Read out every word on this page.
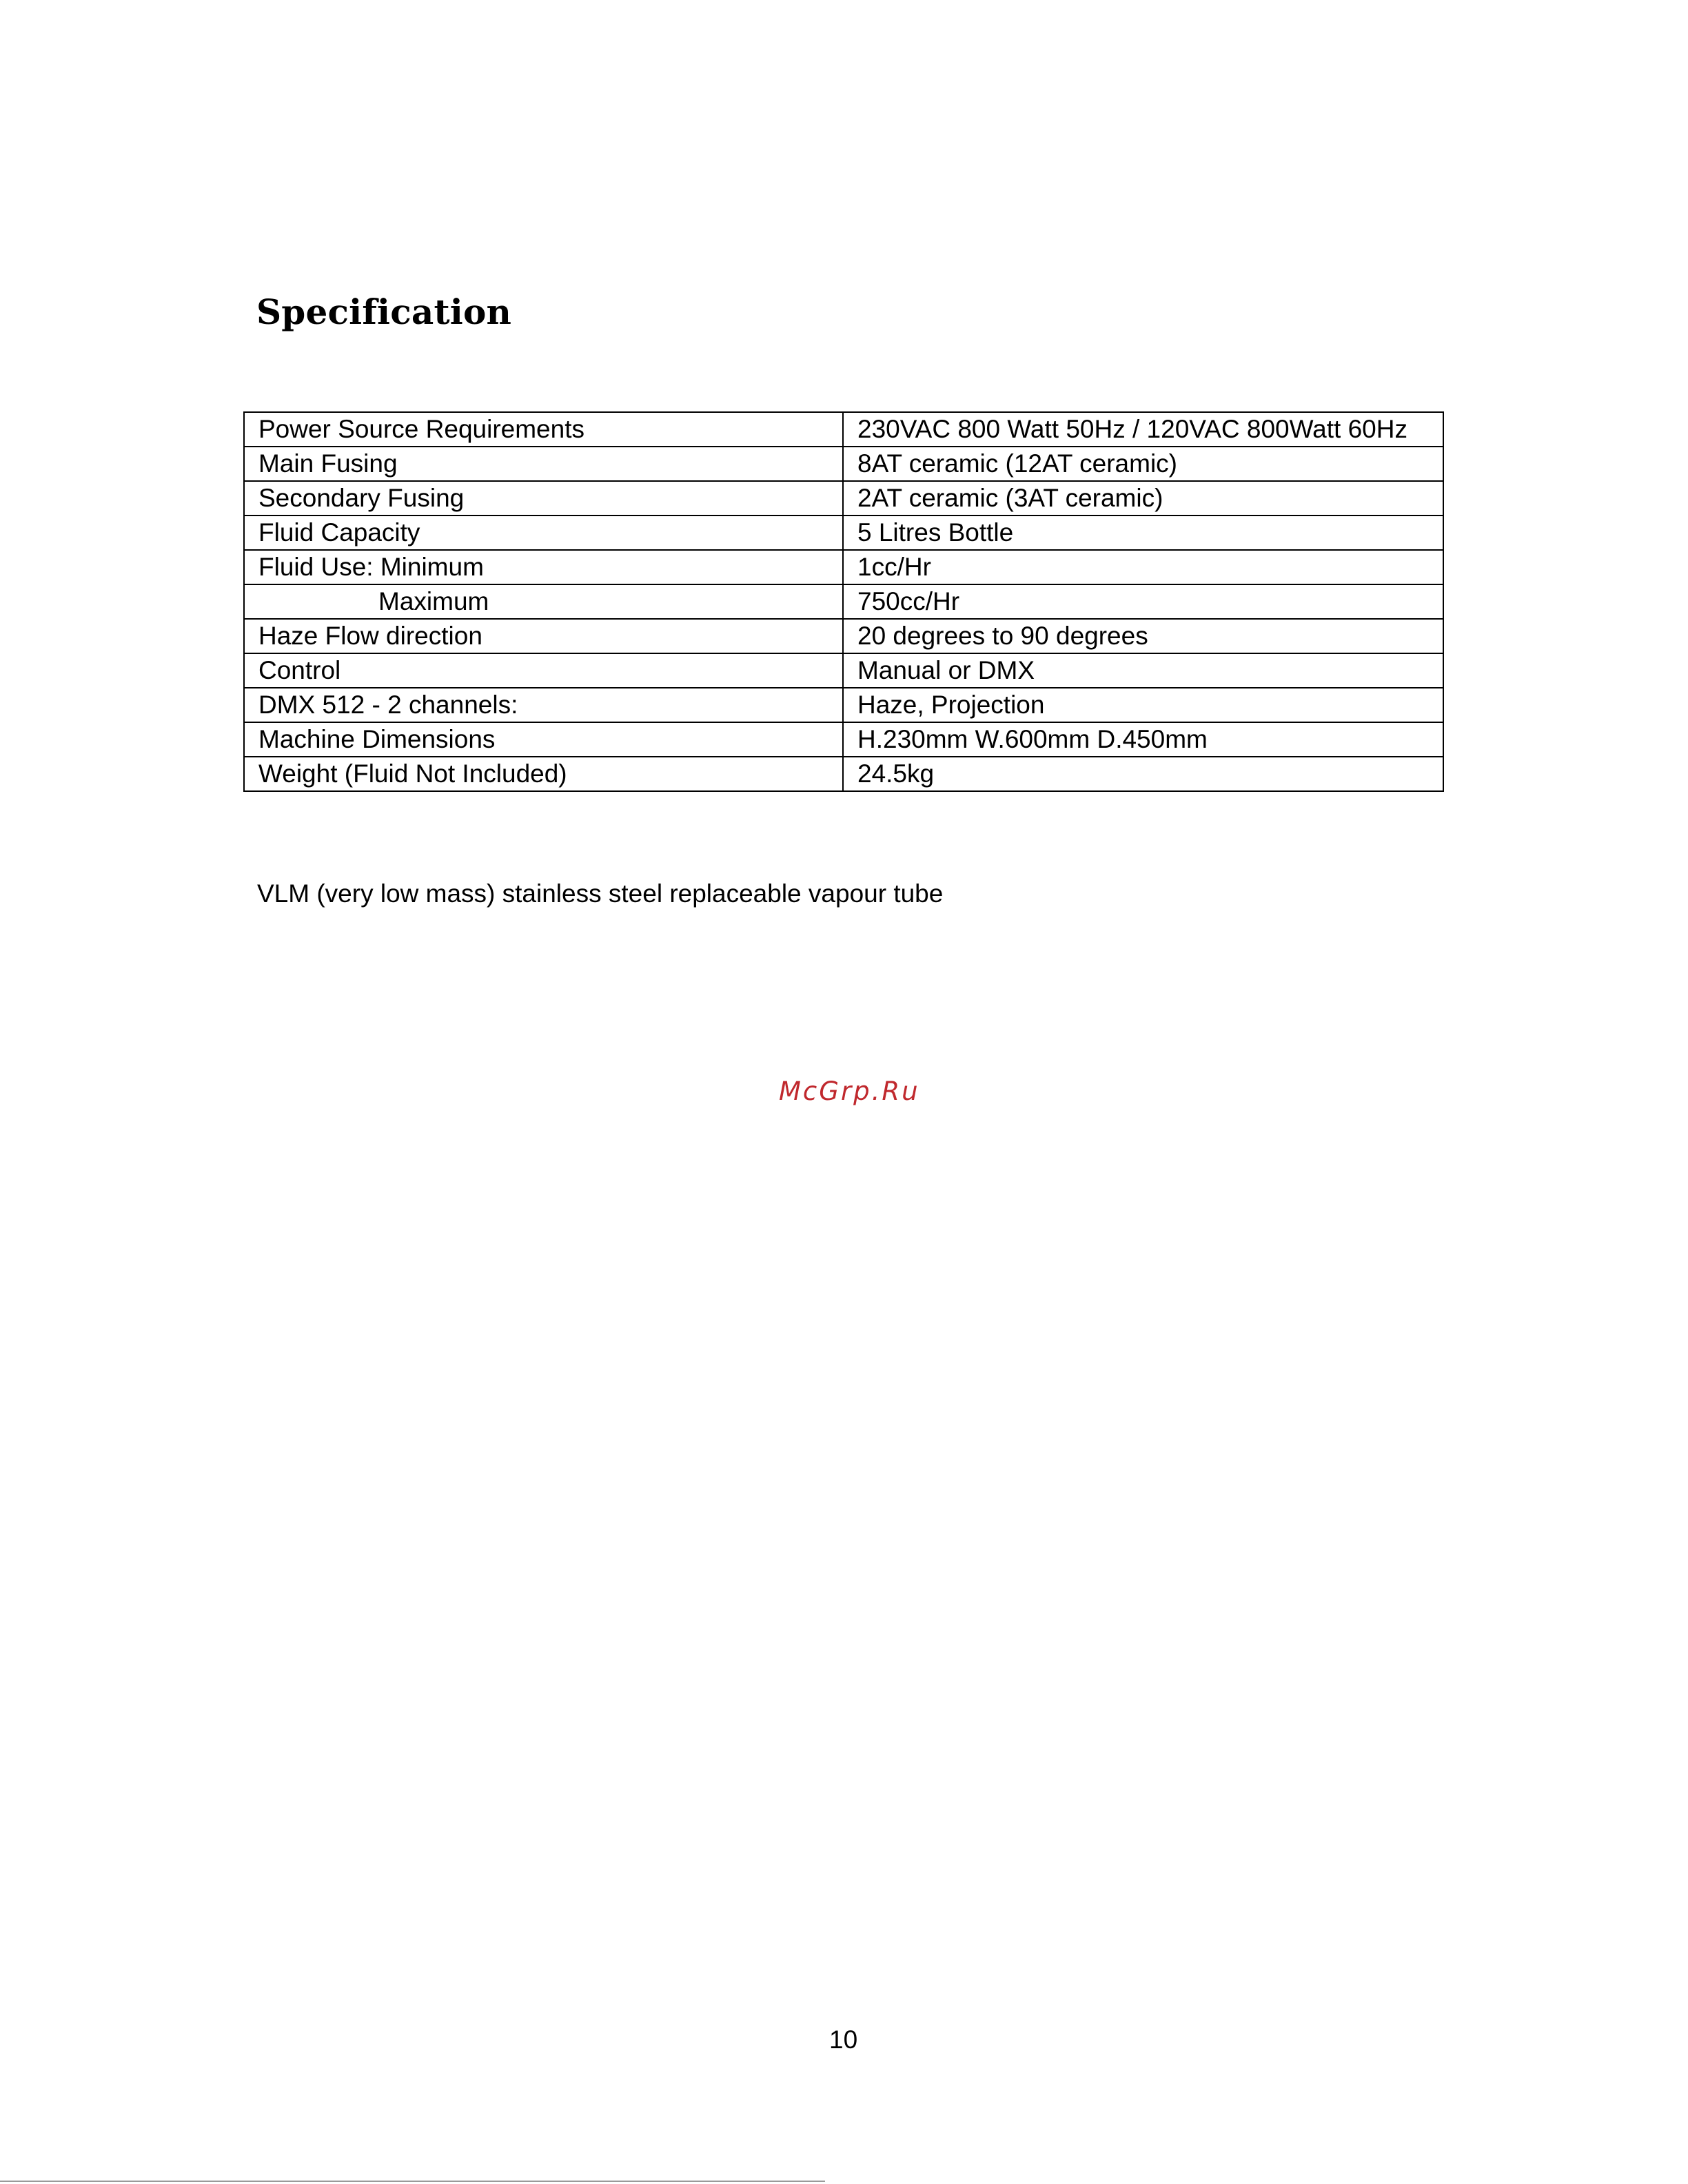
Specification
Power Source Requirements	230VAC 800 Watt 50Hz / 120VAC 800Watt 60Hz
Main Fusing	8AT ceramic (12AT ceramic)
Secondary Fusing	2AT ceramic (3AT ceramic)
Fluid Capacity	5 Litres Bottle
Fluid Use: Minimum	1cc/Hr
Maximum	750cc/Hr
Haze Flow direction	20 degrees to 90 degrees
Control	Manual or DMX
DMX 512 - 2 channels:	Haze, Projection
Machine Dimensions	H.230mm W.600mm D.450mm
Weight (Fluid Not Included)	24.5kg

VLM (very low mass) stainless steel replaceable vapour tube

McGrp.Ru

10
